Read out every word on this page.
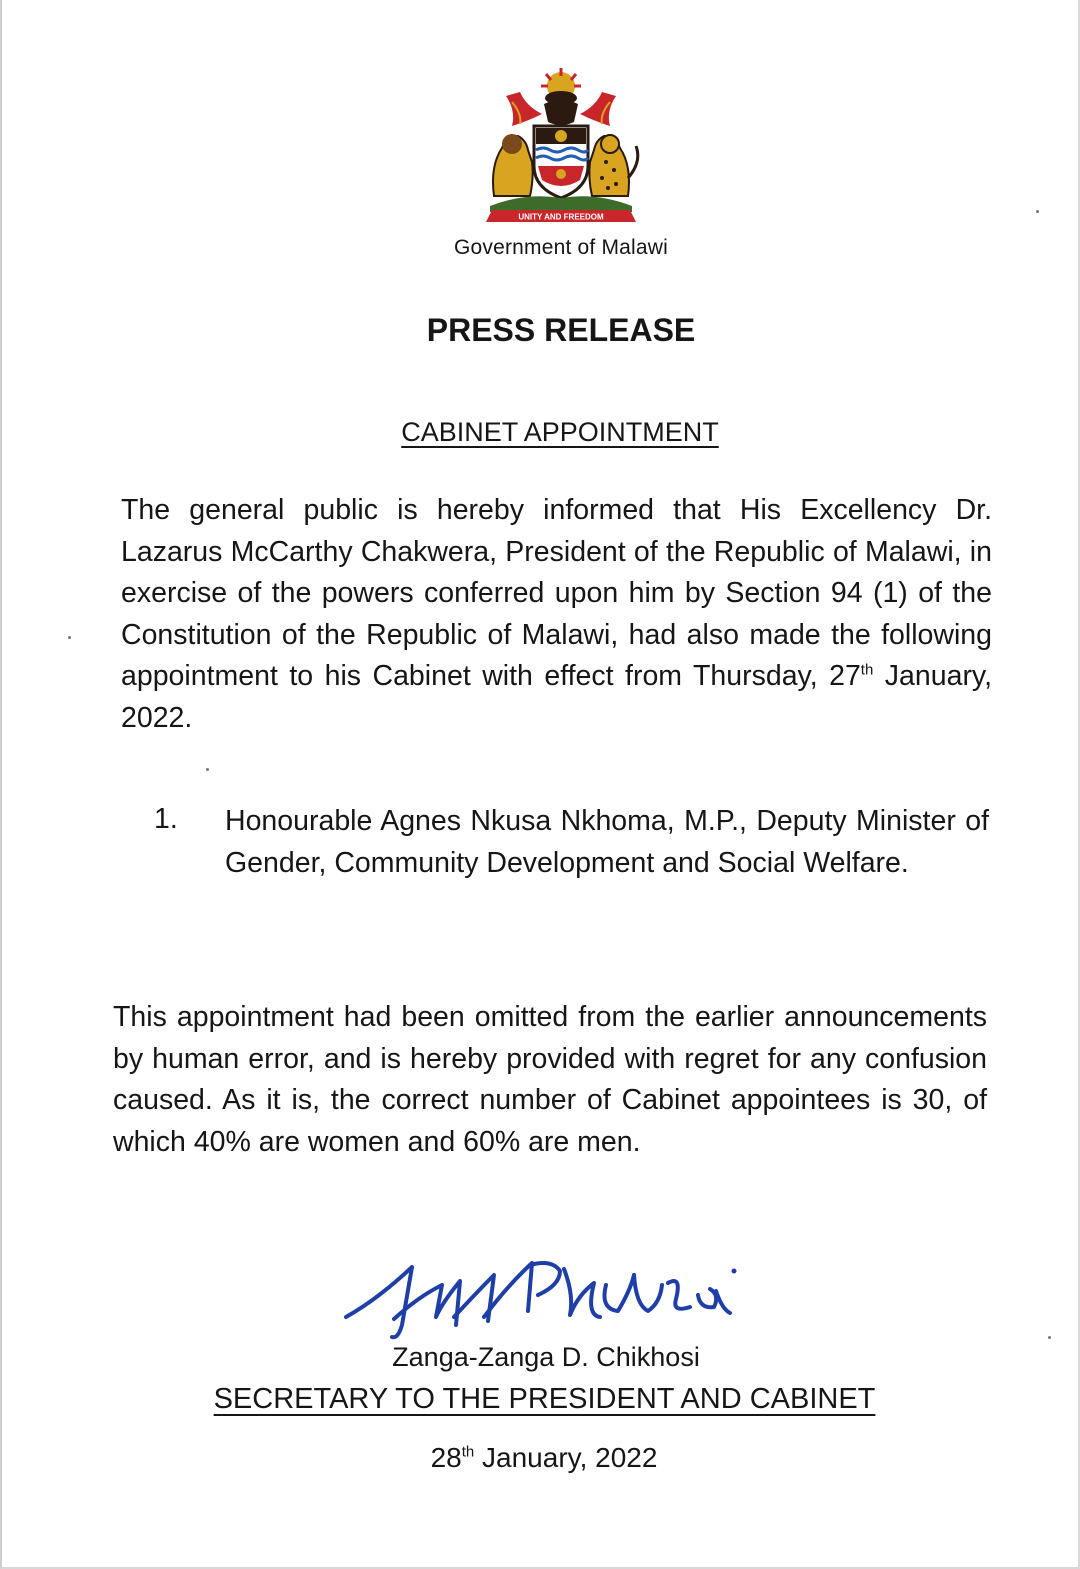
UNITY AND FREEDOM
Government of Malawi
PRESS RELEASE
CABINET APPOINTMENT

The general public is hereby informed that His Excellency Dr. Lazarus McCarthy Chakwera, President of the Republic of Malawi, in exercise of the powers conferred upon him by Section 94 (1) of the Constitution of the Republic of Malawi, had also made the following appointment to his Cabinet with effect from Thursday, 27th January, 2022.

1. Honourable Agnes Nkusa Nkhoma, M.P., Deputy Minister of Gender, Community Development and Social Welfare.

This appointment had been omitted from the earlier announcements by human error, and is hereby provided with regret for any confusion caused. As it is, the correct number of Cabinet appointees is 30, of which 40% are women and 60% are men.

Zanga-Zanga D. Chikhosi
SECRETARY TO THE PRESIDENT AND CABINET
28th January, 2022
